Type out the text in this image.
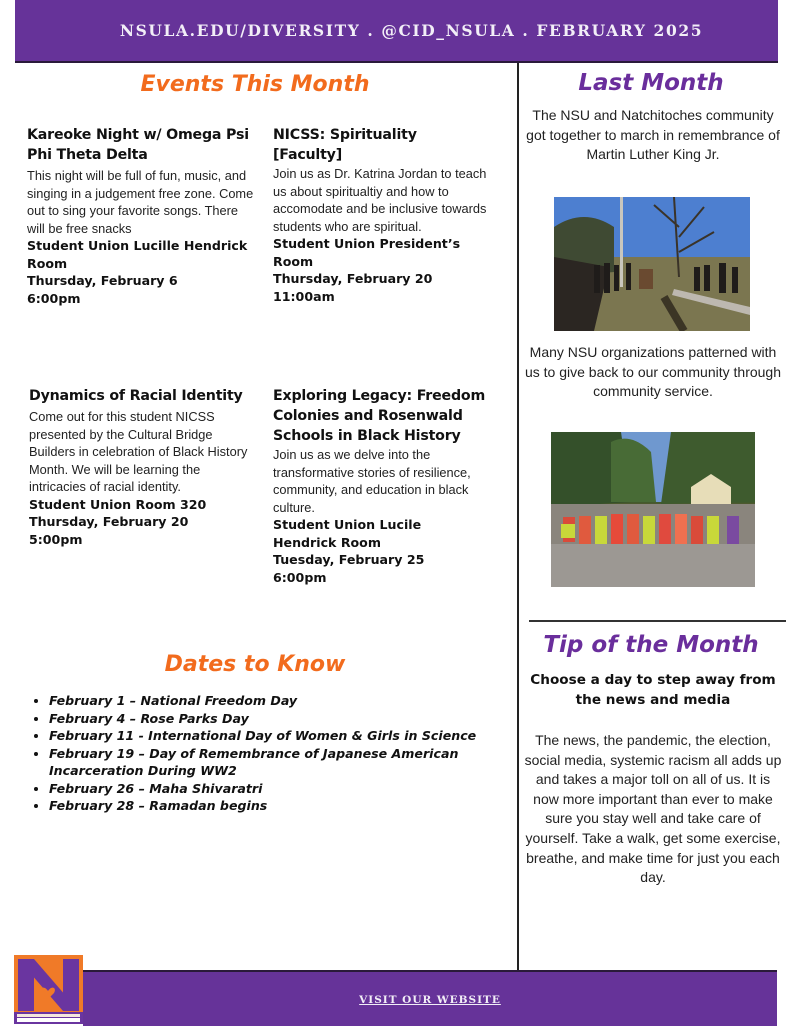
NSULA.EDU/DIVERSITY . @CID_NSULA . FEBRUARY 2025
Events This Month
Kareoke Night w/ Omega Psi Phi Theta Delta
This night will be full of fun, music, and singing in a judgement free zone. Come out to sing your favorite songs. There will be free snacks
Student Union Lucille Hendrick Room
Thursday, February 6
6:00pm
NICSS: Spirituality [Faculty]
Join us as Dr. Katrina Jordan to teach us about spiritualtiy and how to accomodate and be inclusive towards students who are spiritual.
Student Union President’s Room
Thursday, February 20
11:00am
Dynamics of Racial Identity
Come out for this student NICSS presented by the Cultural Bridge Builders in celebration of Black History Month. We will be learning the intricacies of racial identity.
Student Union Room 320
Thursday, February 20
5:00pm
Exploring Legacy: Freedom Colonies and Rosenwald Schools in Black History
Join us as we delve into the transformative stories of resilience, community, and education in black culture.
Student Union Lucile Hendrick Room
Tuesday, February 25
6:00pm
Dates to Know
• February 1 – National Freedom Day
• February 4 – Rose Parks Day
• February 11 - International Day of Women & Girls in Science
• February 19 – Day of Remembrance of Japanese American Incarceration During WW2
• February 26 – Maha Shivaratri
• February 28 – Ramadan begins
Last Month
The NSU and Natchitoches community got together to march in remembrance of Martin Luther King Jr.
Many NSU organizations patterned with us to give back to our community through community service.
Tip of the Month
Choose a day to step away from the news and media
The news, the pandemic, the election, social media, systemic racism all adds up and takes a major toll on all of us. It is now more important than ever to make sure you stay well and take care of yourself. Take a walk, get some exercise, breathe, and make time for just you each day.
VISIT OUR WEBSITE
